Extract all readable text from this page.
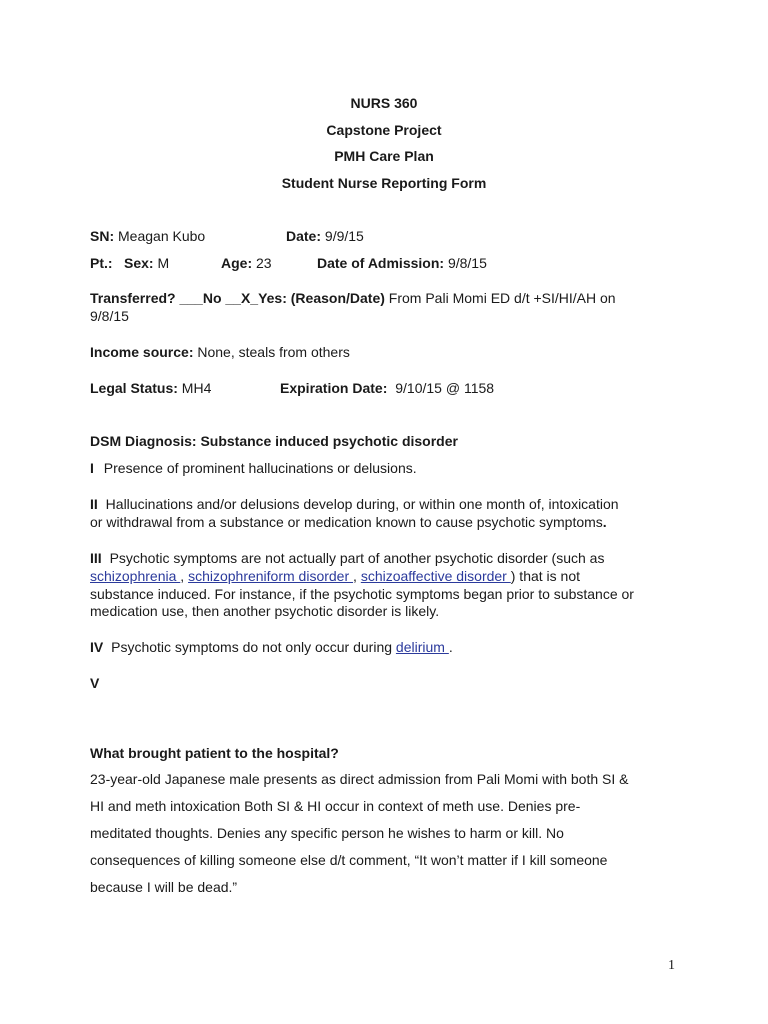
NURS 360
Capstone Project
PMH Care Plan
Student Nurse Reporting Form
SN: Meagan Kubo	Date: 9/9/15
Pt.: Sex: M	Age: 23	Date of Admission: 9/8/15
Transferred? ___No __X_Yes: (Reason/Date) From Pali Momi ED d/t +SI/HI/AH on
9/8/15
Income source: None, steals from others
Legal Status: MH4	Expiration Date: 9/10/15 @ 1158
DSM Diagnosis: Substance induced psychotic disorder
I Presence of prominent hallucinations or delusions.
II Hallucinations and/or delusions develop during, or within one month of, intoxication
or withdrawal from a substance or medication known to cause psychotic symptoms.
III Psychotic symptoms are not actually part of another psychotic disorder (such as
schizophrenia , schizophreniform disorder , schizoaffective disorder ) that is not
substance induced. For instance, if the psychotic symptoms began prior to substance or
medication use, then another psychotic disorder is likely.
IV Psychotic symptoms do not only occur during delirium .
V
What brought patient to the hospital?
23-year-old Japanese male presents as direct admission from Pali Momi with both SI &
HI and meth intoxication Both SI & HI occur in context of meth use. Denies pre-
meditated thoughts. Denies any specific person he wishes to harm or kill. No
consequences of killing someone else d/t comment, “It won’t matter if I kill someone
because I will be dead.”
1
